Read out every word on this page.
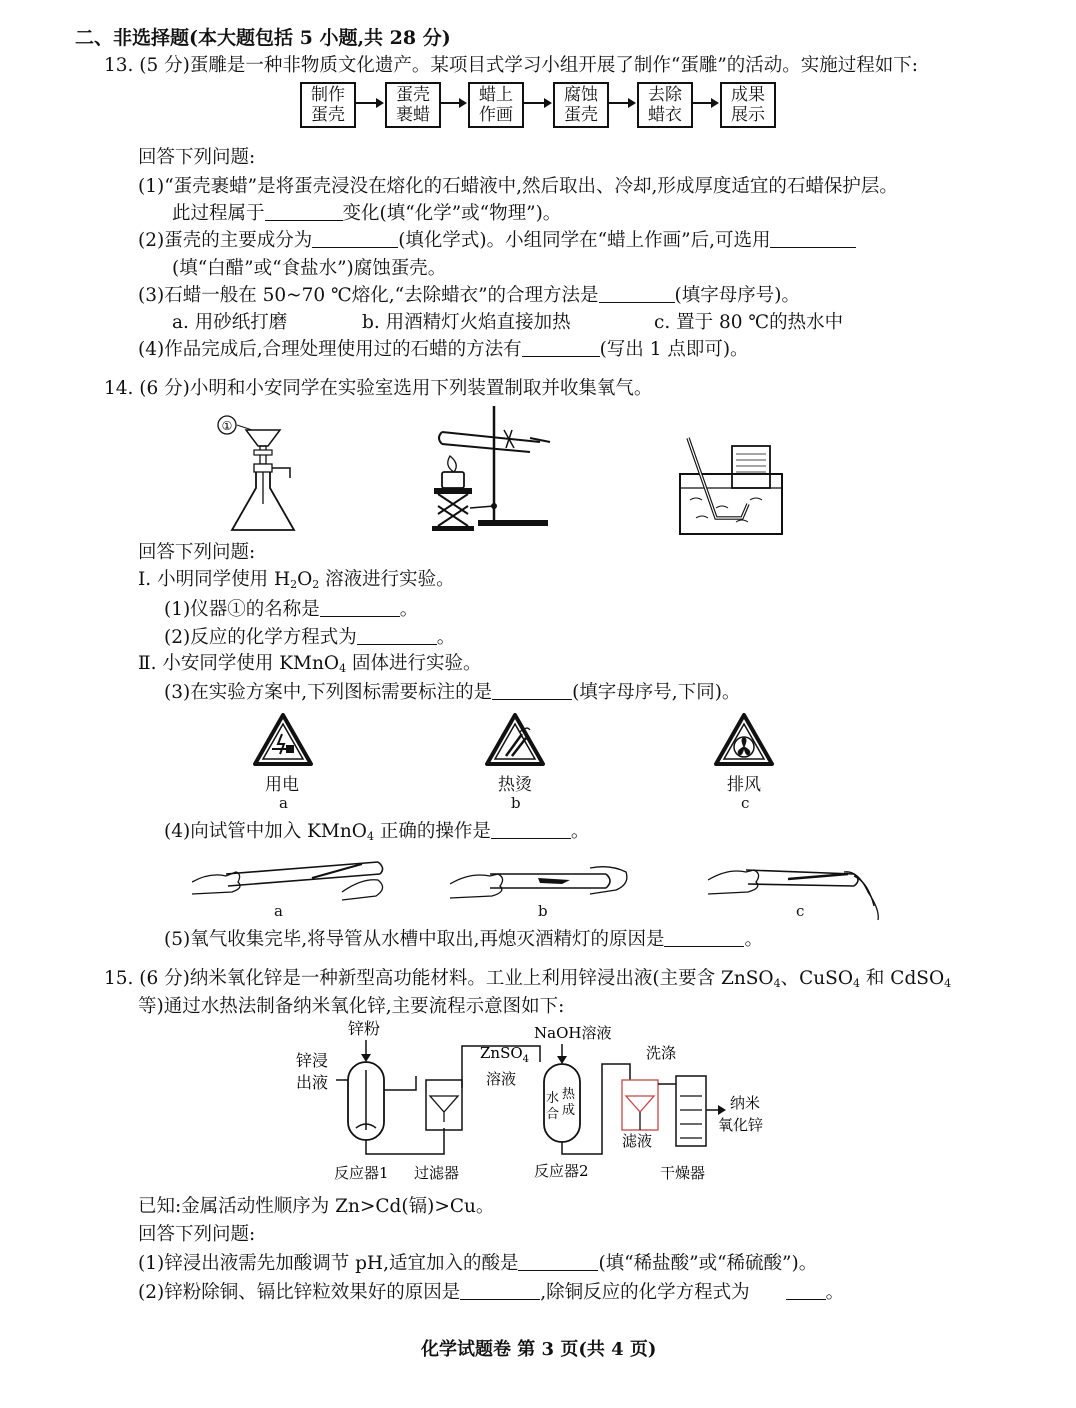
二、非选择题(本大题包括 5 小题,共 28 分)
13. (5 分)蛋雕是一种非物质文化遗产。某项目式学习小组开展了制作“蛋雕”的活动。实施过程如下:
制作
蛋壳
蛋壳
裹蜡
蜡上
作画
腐蚀
蛋壳
去除
蜡衣
成果
展示
回答下列问题:
(1)“蛋壳裹蜡”是将蛋壳浸没在熔化的石蜡液中,然后取出、冷却,形成厚度适宜的石蜡保护层。
此过程属于	变化(填“化学”或“物理”)。
(2)蛋壳的主要成分为	(填化学式)。小组同学在“蜡上作画”后,可选用
(填“白醋”或“食盐水”)腐蚀蛋壳。
(3)石蜡一般在 50~70 ℃熔化,“去除蜡衣”的合理方法是	(填字母序号)。
a. 用砂纸打磨	b. 用酒精灯火焰直接加热	c. 置于 80 ℃的热水中
(4)作品完成后,合理处理使用过的石蜡的方法有	(写出 1 点即可)。
14. (6 分)小明和小安同学在实验室选用下列装置制取并收集氧气。
①
回答下列问题:
Ⅰ. 小明同学使用 $H_2O_2$ 溶液进行实验。
(1)仪器①的名称是	。
(2)反应的化学方程式为	。
Ⅱ. 小安同学使用 KMnO$_4$ 固体进行实验。
(3)在实验方案中,下列图标需要标注的是	(填字母序号,下同)。
用电
a
热烫
b
排风
c
(4)向试管中加入 KMnO$_4$ 正确的操作是	。
a	b	c
(5)氧气收集完毕,将导管从水槽中取出,再熄灭酒精灯的原因是	。
15. (6 分)纳米氧化锌是一种新型高功能材料。工业上利用锌浸出液(主要含 ZnSO$_4$、CuSO$_4$ 和 CdSO$_4$
等)通过水热法制备纳米氧化锌,主要流程示意图如下:
锌粉
锌浸
出液
ZnSO$_4$
溶液
NaOH溶液
水 热
合 成
洗涤
纳米
氧化锌
滤液
反应器1 过滤器	反应器2	干燥器
已知:金属活动性顺序为 Zn>Cd(镉)>Cu。
回答下列问题:
(1)锌浸出液需先加酸调节 pH,适宜加入的酸是	(填“稀盐酸”或“稀硫酸”)。
(2)锌粉除铜、镉比锌粒效果好的原因是	,除铜反应的化学方程式为	。
化学试题卷 第 3 页(共 4 页)
